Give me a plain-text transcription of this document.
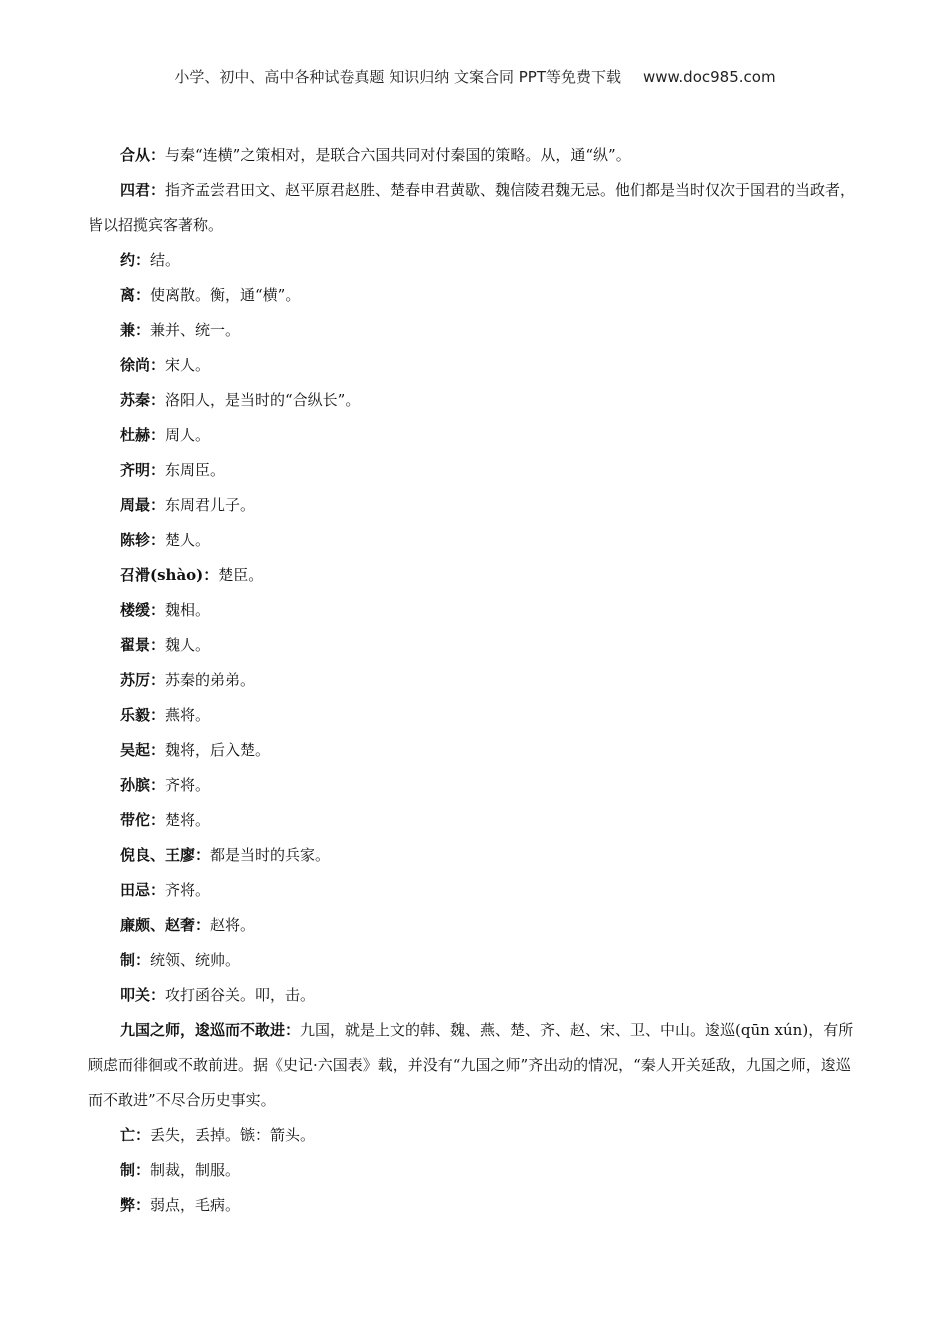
小学、初中、高中各种试卷真题 知识归纳 文案合同 PPT等免费下载 www.doc985.com

合从：与秦“连横”之策相对，是联合六国共同对付秦国的策略。从，通“纵”。

四君：指齐孟尝君田文、赵平原君赵胜、楚春申君黄歇、魏信陵君魏无忌。他们都是当时仅次于国君的当政者，皆以招揽宾客著称。

约：结。

离：使离散。衡，通“横”。

兼：兼并、统一。

徐尚：宋人。

苏秦：洛阳人，是当时的“合纵长”。

杜赫：周人。

齐明：东周臣。

周最：东周君儿子。

陈轸：楚人。

召滑(shào)：楚臣。

楼缓：魏相。

翟景：魏人。

苏厉：苏秦的弟弟。

乐毅：燕将。

吴起：魏将，后入楚。

孙膑：齐将。

带佗：楚将。

倪良、王廖：都是当时的兵家。

田忌：齐将。

廉颇、赵奢：赵将。

制：统领、统帅。

叩关：攻打函谷关。叩，击。

九国之师，逡巡而不敢进：九国，就是上文的韩、魏、燕、楚、齐、赵、宋、卫、中山。逡巡(qūn xún)，有所顾虑而徘徊或不敢前进。据《史记·六国表》载，并没有“九国之师”齐出动的情况，“秦人开关延敌，九国之师，逡巡而不敢进”不尽合历史事实。

亡：丢失，丢掉。镞：箭头。

制：制裁，制服。

弊：弱点，毛病。
